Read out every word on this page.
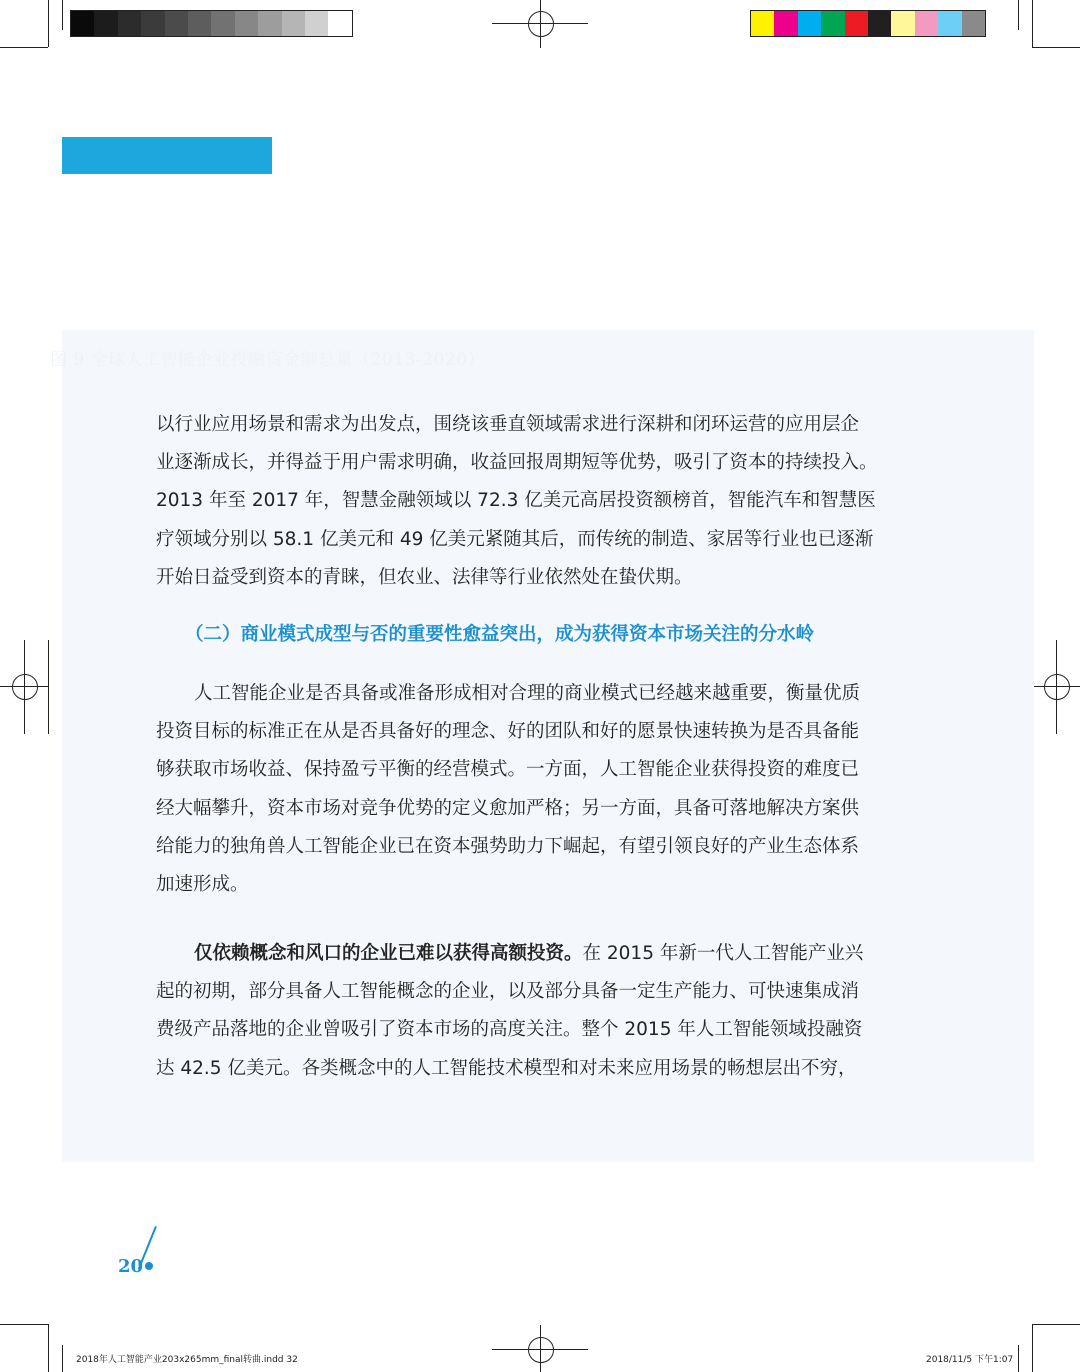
图 9 全球人工智能企业投融资金额总量（2013-2020）
以行业应用场景和需求为出发点，围绕该垂直领域需求进行深耕和闭环运营的应用层企
业逐渐成长，并得益于用户需求明确，收益回报周期短等优势，吸引了资本的持续投入。
2013 年至 2017 年，智慧金融领域以 72.3 亿美元高居投资额榜首，智能汽车和智慧医
疗领域分别以 58.1 亿美元和 49 亿美元紧随其后，而传统的制造、家居等行业也已逐渐
开始日益受到资本的青睐，但农业、法律等行业依然处在蛰伏期。
（二）商业模式成型与否的重要性愈益突出，成为获得资本市场关注的分水岭
人工智能企业是否具备或准备形成相对合理的商业模式已经越来越重要，衡量优质
投资目标的标准正在从是否具备好的理念、好的团队和好的愿景快速转换为是否具备能
够获取市场收益、保持盈亏平衡的经营模式。一方面，人工智能企业获得投资的难度已
经大幅攀升，资本市场对竞争优势的定义愈加严格；另一方面，具备可落地解决方案供
给能力的独角兽人工智能企业已在资本强势助力下崛起，有望引领良好的产业生态体系
加速形成。
仅依赖概念和风口的企业已难以获得高额投资。在 2015 年新一代人工智能产业兴
起的初期，部分具备人工智能概念的企业，以及部分具备一定生产能力、可快速集成消
费级产品落地的企业曾吸引了资本市场的高度关注。整个 2015 年人工智能领域投融资
达 42.5 亿美元。各类概念中的人工智能技术模型和对未来应用场景的畅想层出不穷，
20
2018年人工智能产业203x265mm_final转曲.indd 32	2018/11/5 下午1:07
